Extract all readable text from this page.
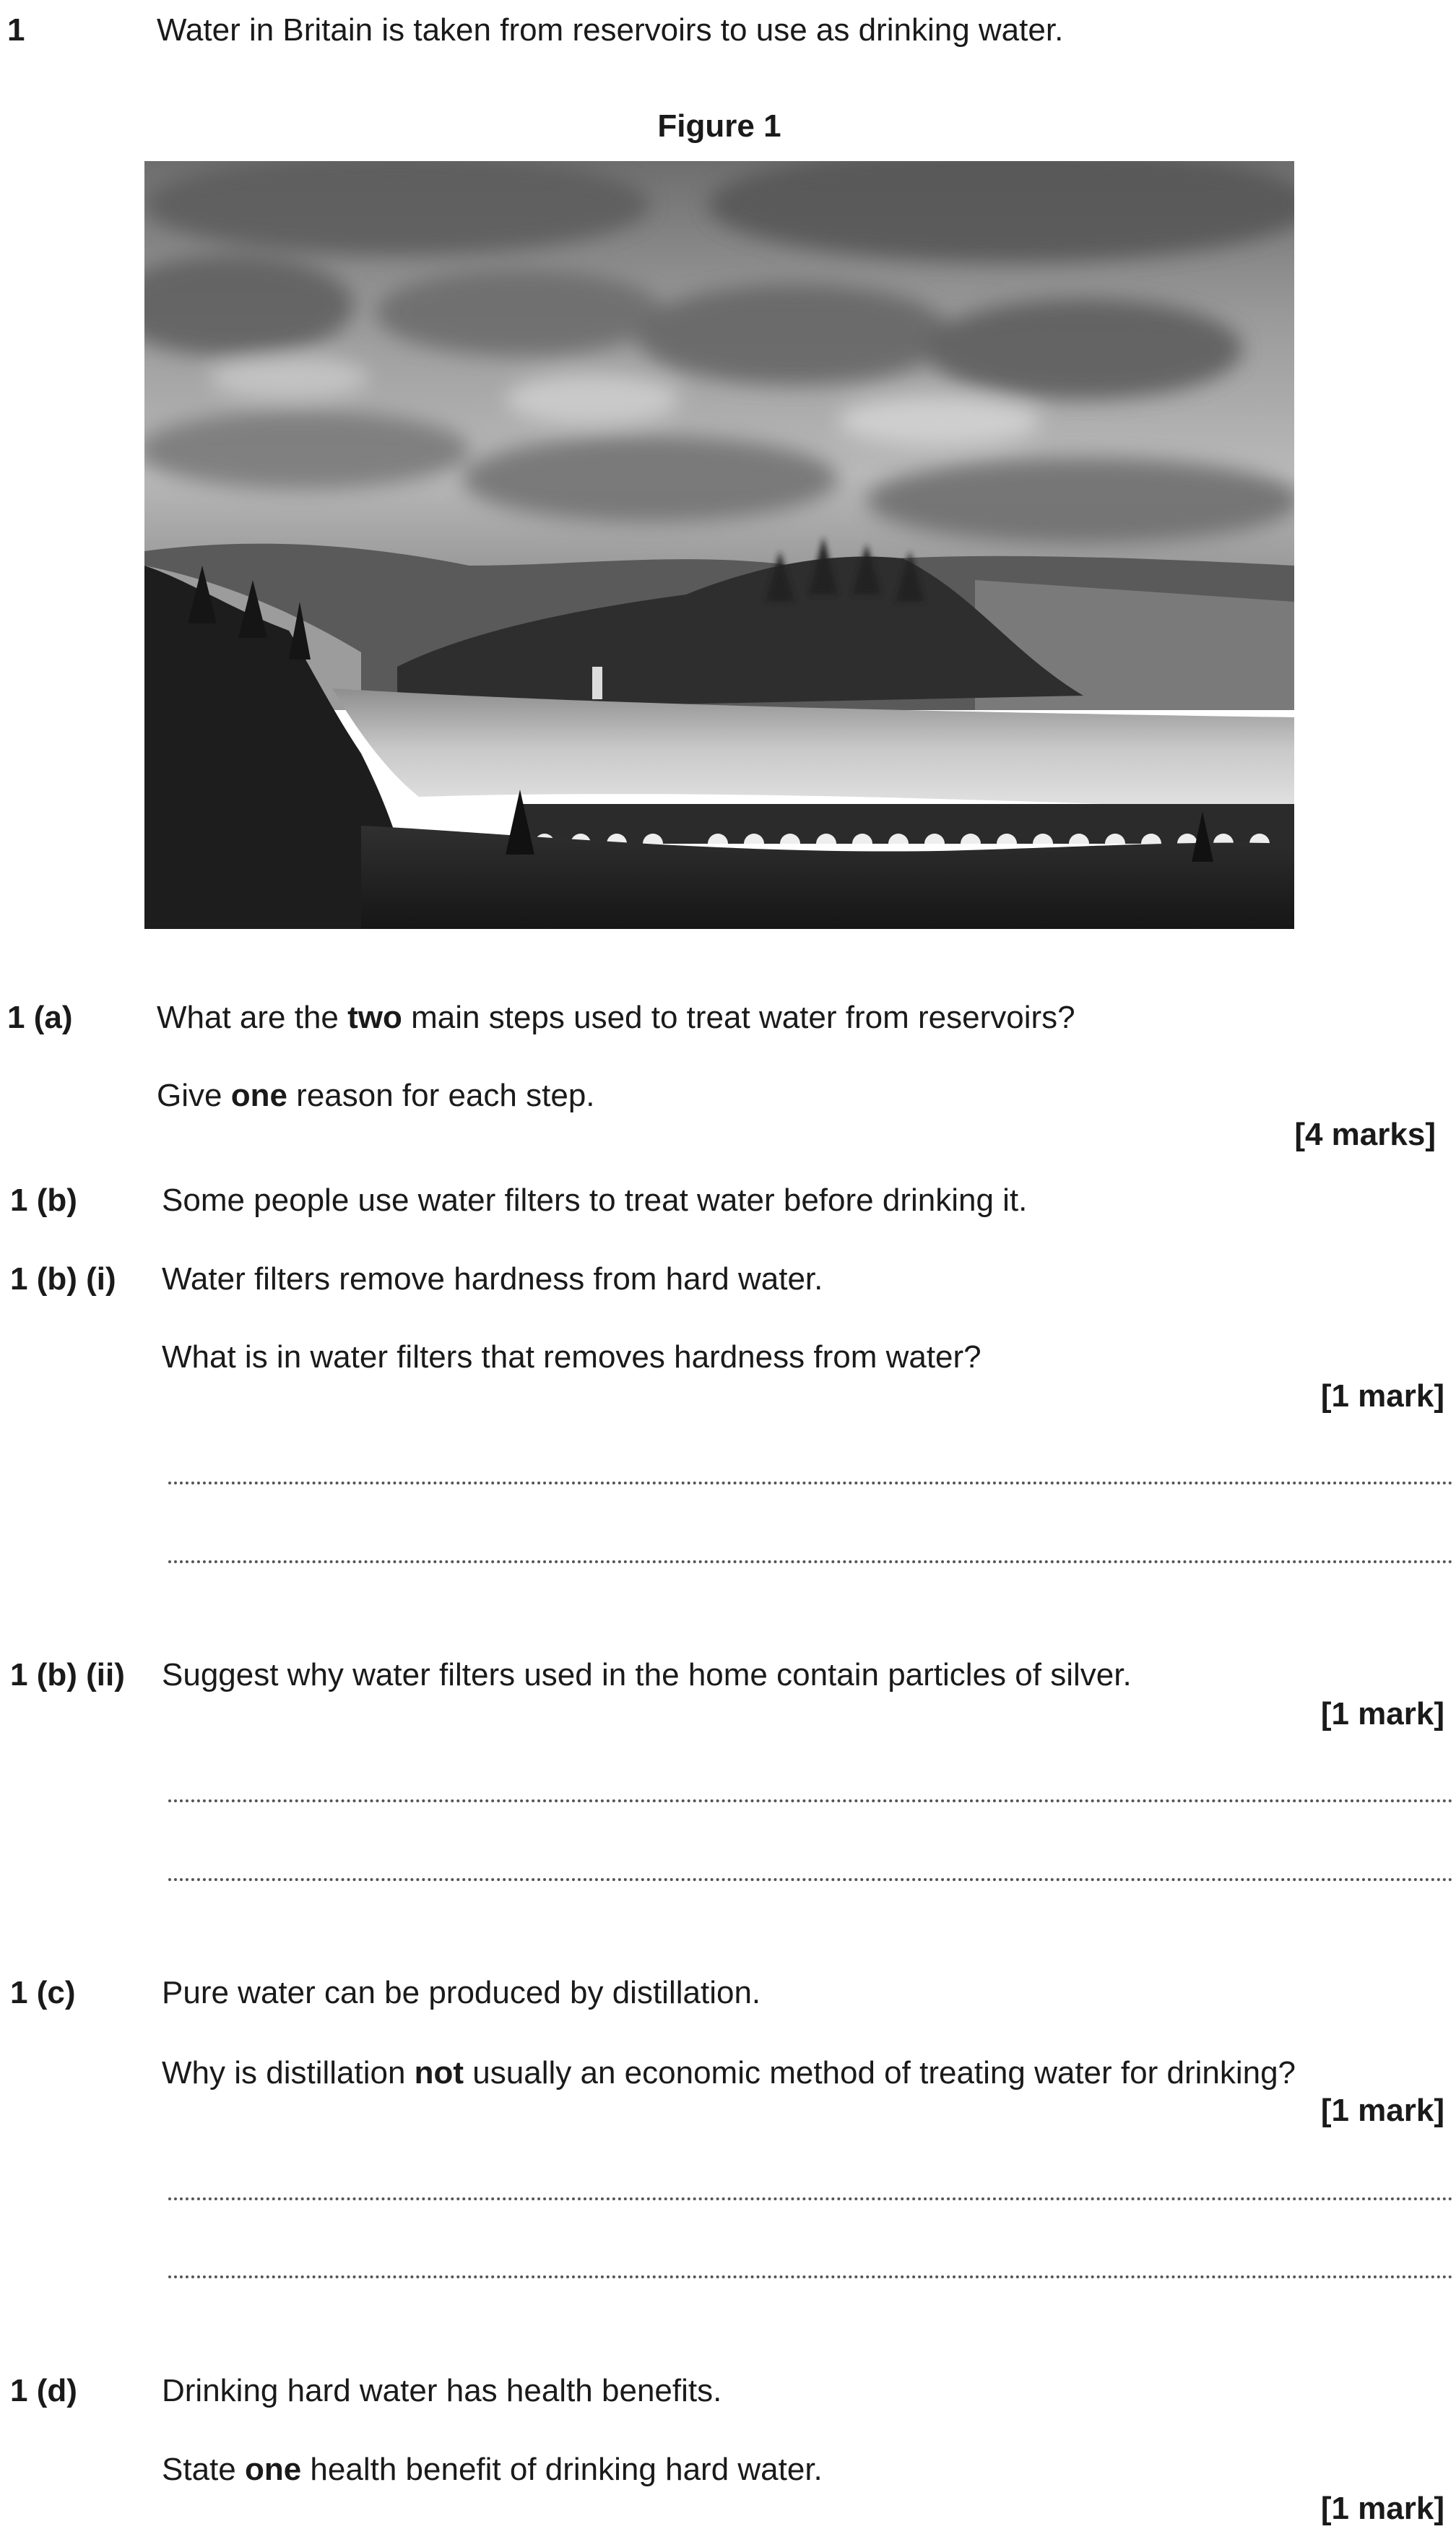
1	Water in Britain is taken from reservoirs to use as drinking water.
Figure 1
1 (a)	What are the two main steps used to treat water from reservoirs?
Give one reason for each step.
[4 marks]
1 (b)	Some people use water filters to treat water before drinking it.
1 (b) (i) Water filters remove hardness from hard water.
What is in water filters that removes hardness from water?
[1 mark]
1 (b) (ii) Suggest why water filters used in the home contain particles of silver.
[1 mark]
1 (c)	Pure water can be produced by distillation.
Why is distillation not usually an economic method of treating water for drinking?
[1 mark]
1 (d)	Drinking hard water has health benefits.
State one health benefit of drinking hard water.
[1 mark]
